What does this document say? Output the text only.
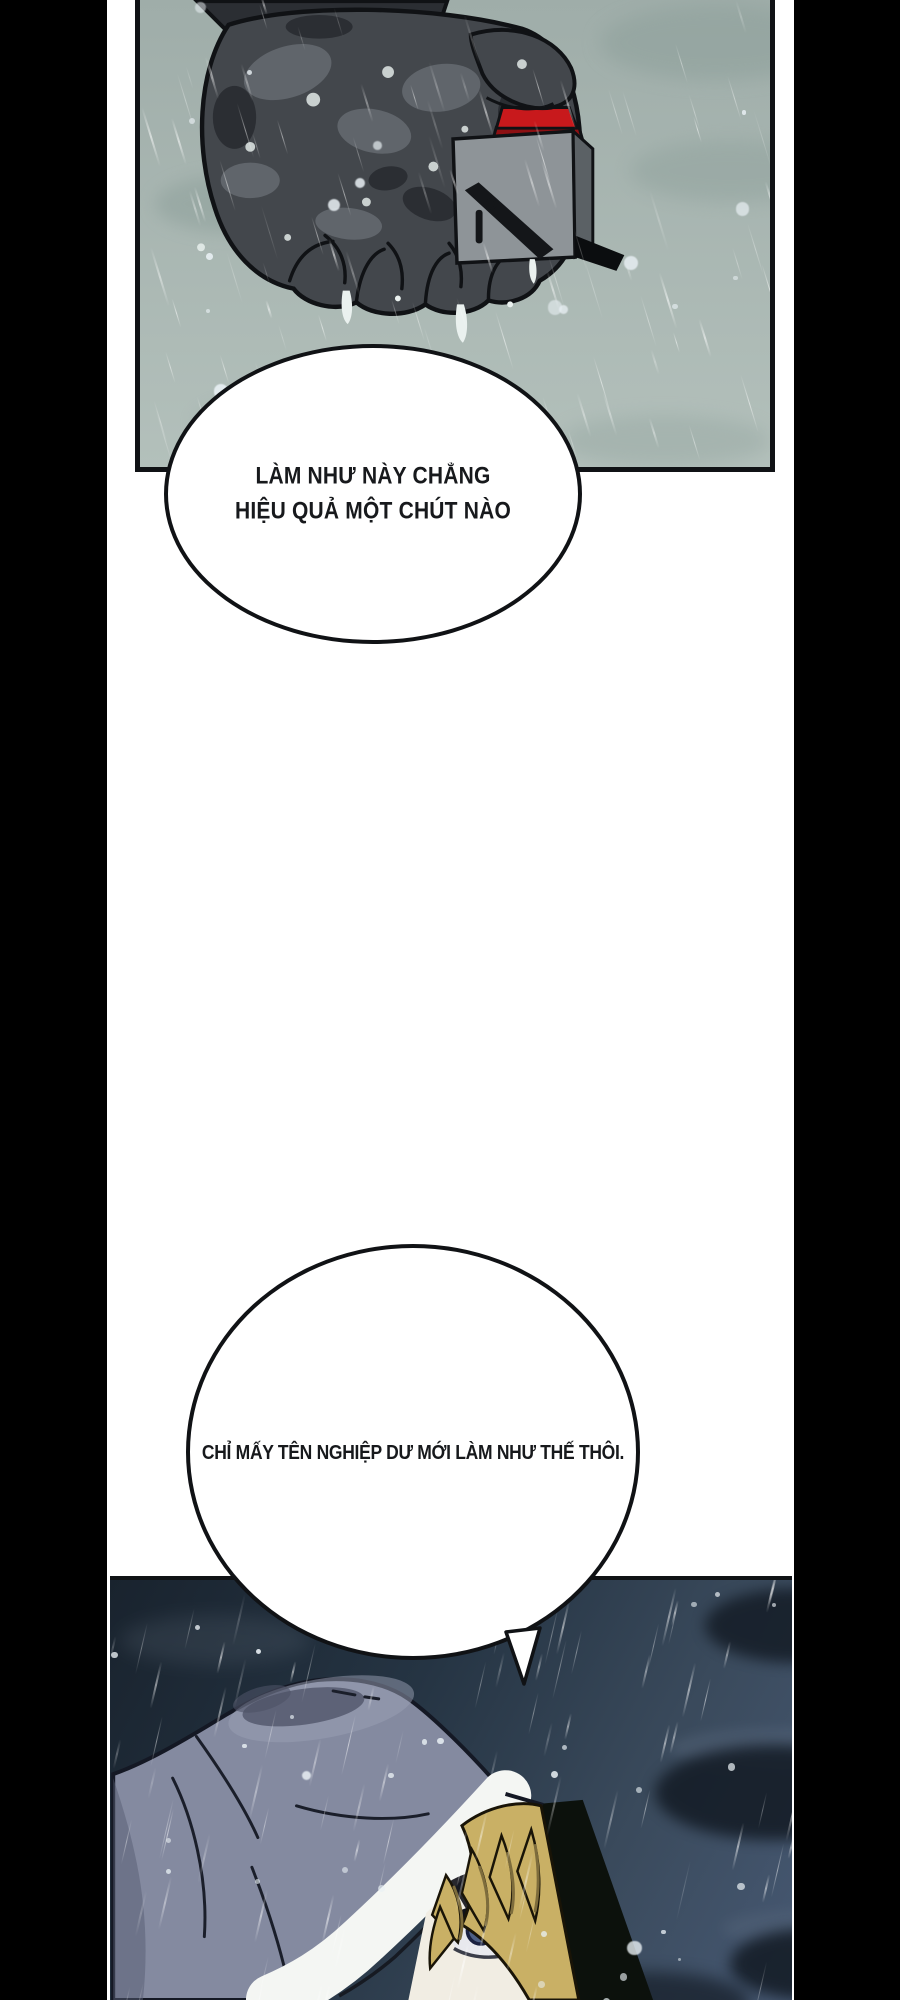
LÀM NHƯ NÀY CHẲNG
HIỆU QUẢ MỘT CHÚT NÀO

CHỈ MẤY TÊN NGHIỆP DƯ MỚI LÀM NHƯ THẾ THÔI.
